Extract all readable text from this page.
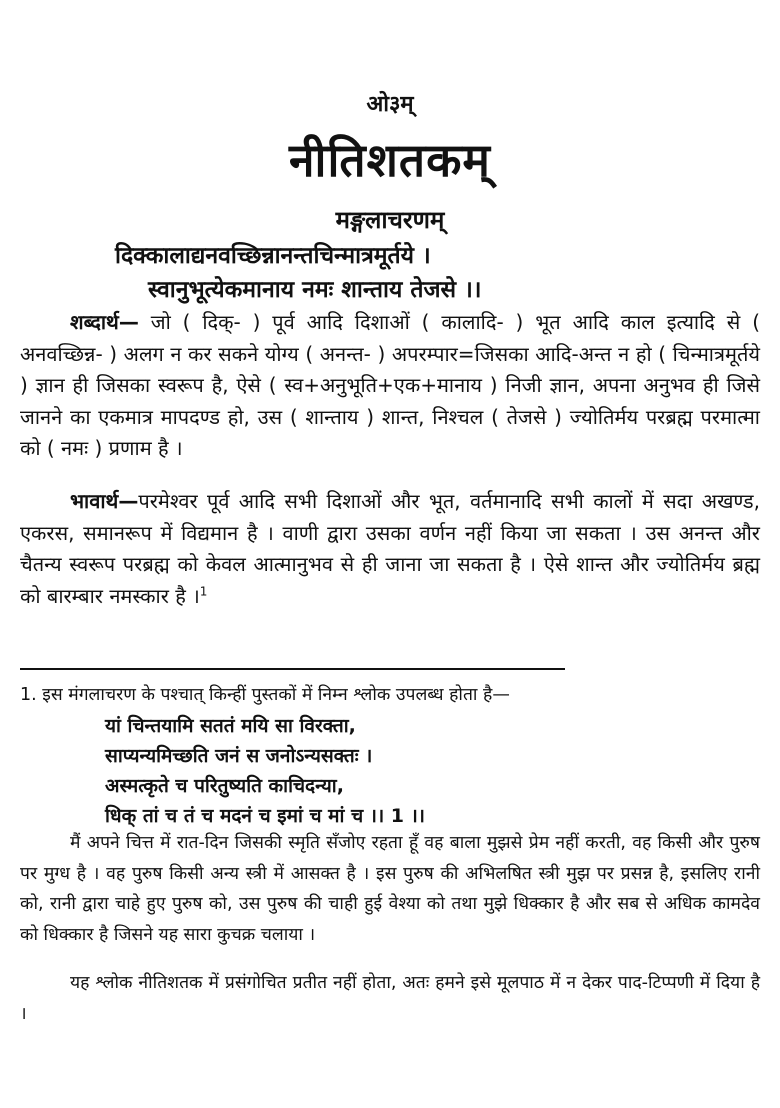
ओ३म्
नीतिशतकम्
मङ्गलाचरणम्
दिक्कालाद्यनवच्छिन्नानन्तचिन्मात्रमूर्तये ।
स्वानुभूत्येकमानाय नमः शान्ताय तेजसे ।।
शब्दार्थ— जो ( दिक्- ) पूर्व आदि दिशाओं ( कालादि- ) भूत आदि काल इत्यादि से ( अनवच्छिन्न- ) अलग न कर सकने योग्य ( अनन्त- ) अपरम्पार=जिसका आदि-अन्त न हो ( चिन्मात्रमूर्तये ) ज्ञान ही जिसका स्वरूप है, ऐसे ( स्व+अनुभूति+एक+मानाय ) निजी ज्ञान, अपना अनुभव ही जिसे जानने का एकमात्र मापदण्ड हो, उस ( शान्ताय ) शान्त, निश्चल ( तेजसे ) ज्योतिर्मय परब्रह्म परमात्मा को ( नमः ) प्रणाम है ।
भावार्थ—परमेश्वर पूर्व आदि सभी दिशाओं और भूत, वर्तमानादि सभी कालों में सदा अखण्ड, एकरस, समानरूप में विद्यमान है । वाणी द्वारा उसका वर्णन नहीं किया जा सकता । उस अनन्त और चैतन्य स्वरूप परब्रह्म को केवल आत्मानुभव से ही जाना जा सकता है । ऐसे शान्त और ज्योतिर्मय ब्रह्म को बारम्बार नमस्कार है ।$^1$
1. इस मंगलाचरण के पश्चात् किन्हीं पुस्तकों में निम्न श्लोक उपलब्ध होता है—
यां चिन्तयामि सततं मयि सा विरक्ता,
साप्यन्यमिच्छति जनं स जनोऽन्यसक्तः ।
अस्मत्कृते च परितुष्यति काचिदन्या,
धिक् तां च तं च मदनं च इमां च मां च ।। 1 ।।
मैं अपने चित्त में रात-दिन जिसकी स्मृति सँजोए रहता हूँ वह बाला मुझसे प्रेम नहीं करती, वह किसी और पुरुष पर मुग्ध है । वह पुरुष किसी अन्य स्त्री में आसक्त है । इस पुरुष की अभिलषित स्त्री मुझ पर प्रसन्न है, इसलिए रानी को, रानी द्वारा चाहे हुए पुरुष को, उस पुरुष की चाही हुई वेश्या को तथा मुझे धिक्कार है और सब से अधिक कामदेव को धिक्कार है जिसने यह सारा कुचक्र चलाया ।
यह श्लोक नीतिशतक में प्रसंगोचित प्रतीत नहीं होता, अतः हमने इसे मूलपाठ में न देकर पाद-टिप्पणी में दिया है ।
